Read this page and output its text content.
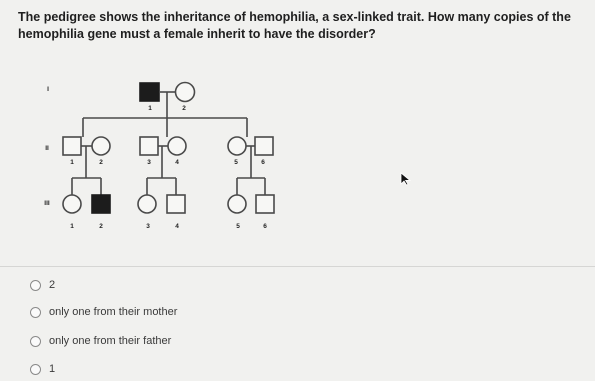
The pedigree shows the inheritance of hemophilia, a sex-linked trait. How many copies of the hemophilia gene must a female inherit to have the disorder?

I
II
III
1	2
1	2	3	4	5	6
1	2	3	4	5	6
2
only one from their mother
only one from their father
1
